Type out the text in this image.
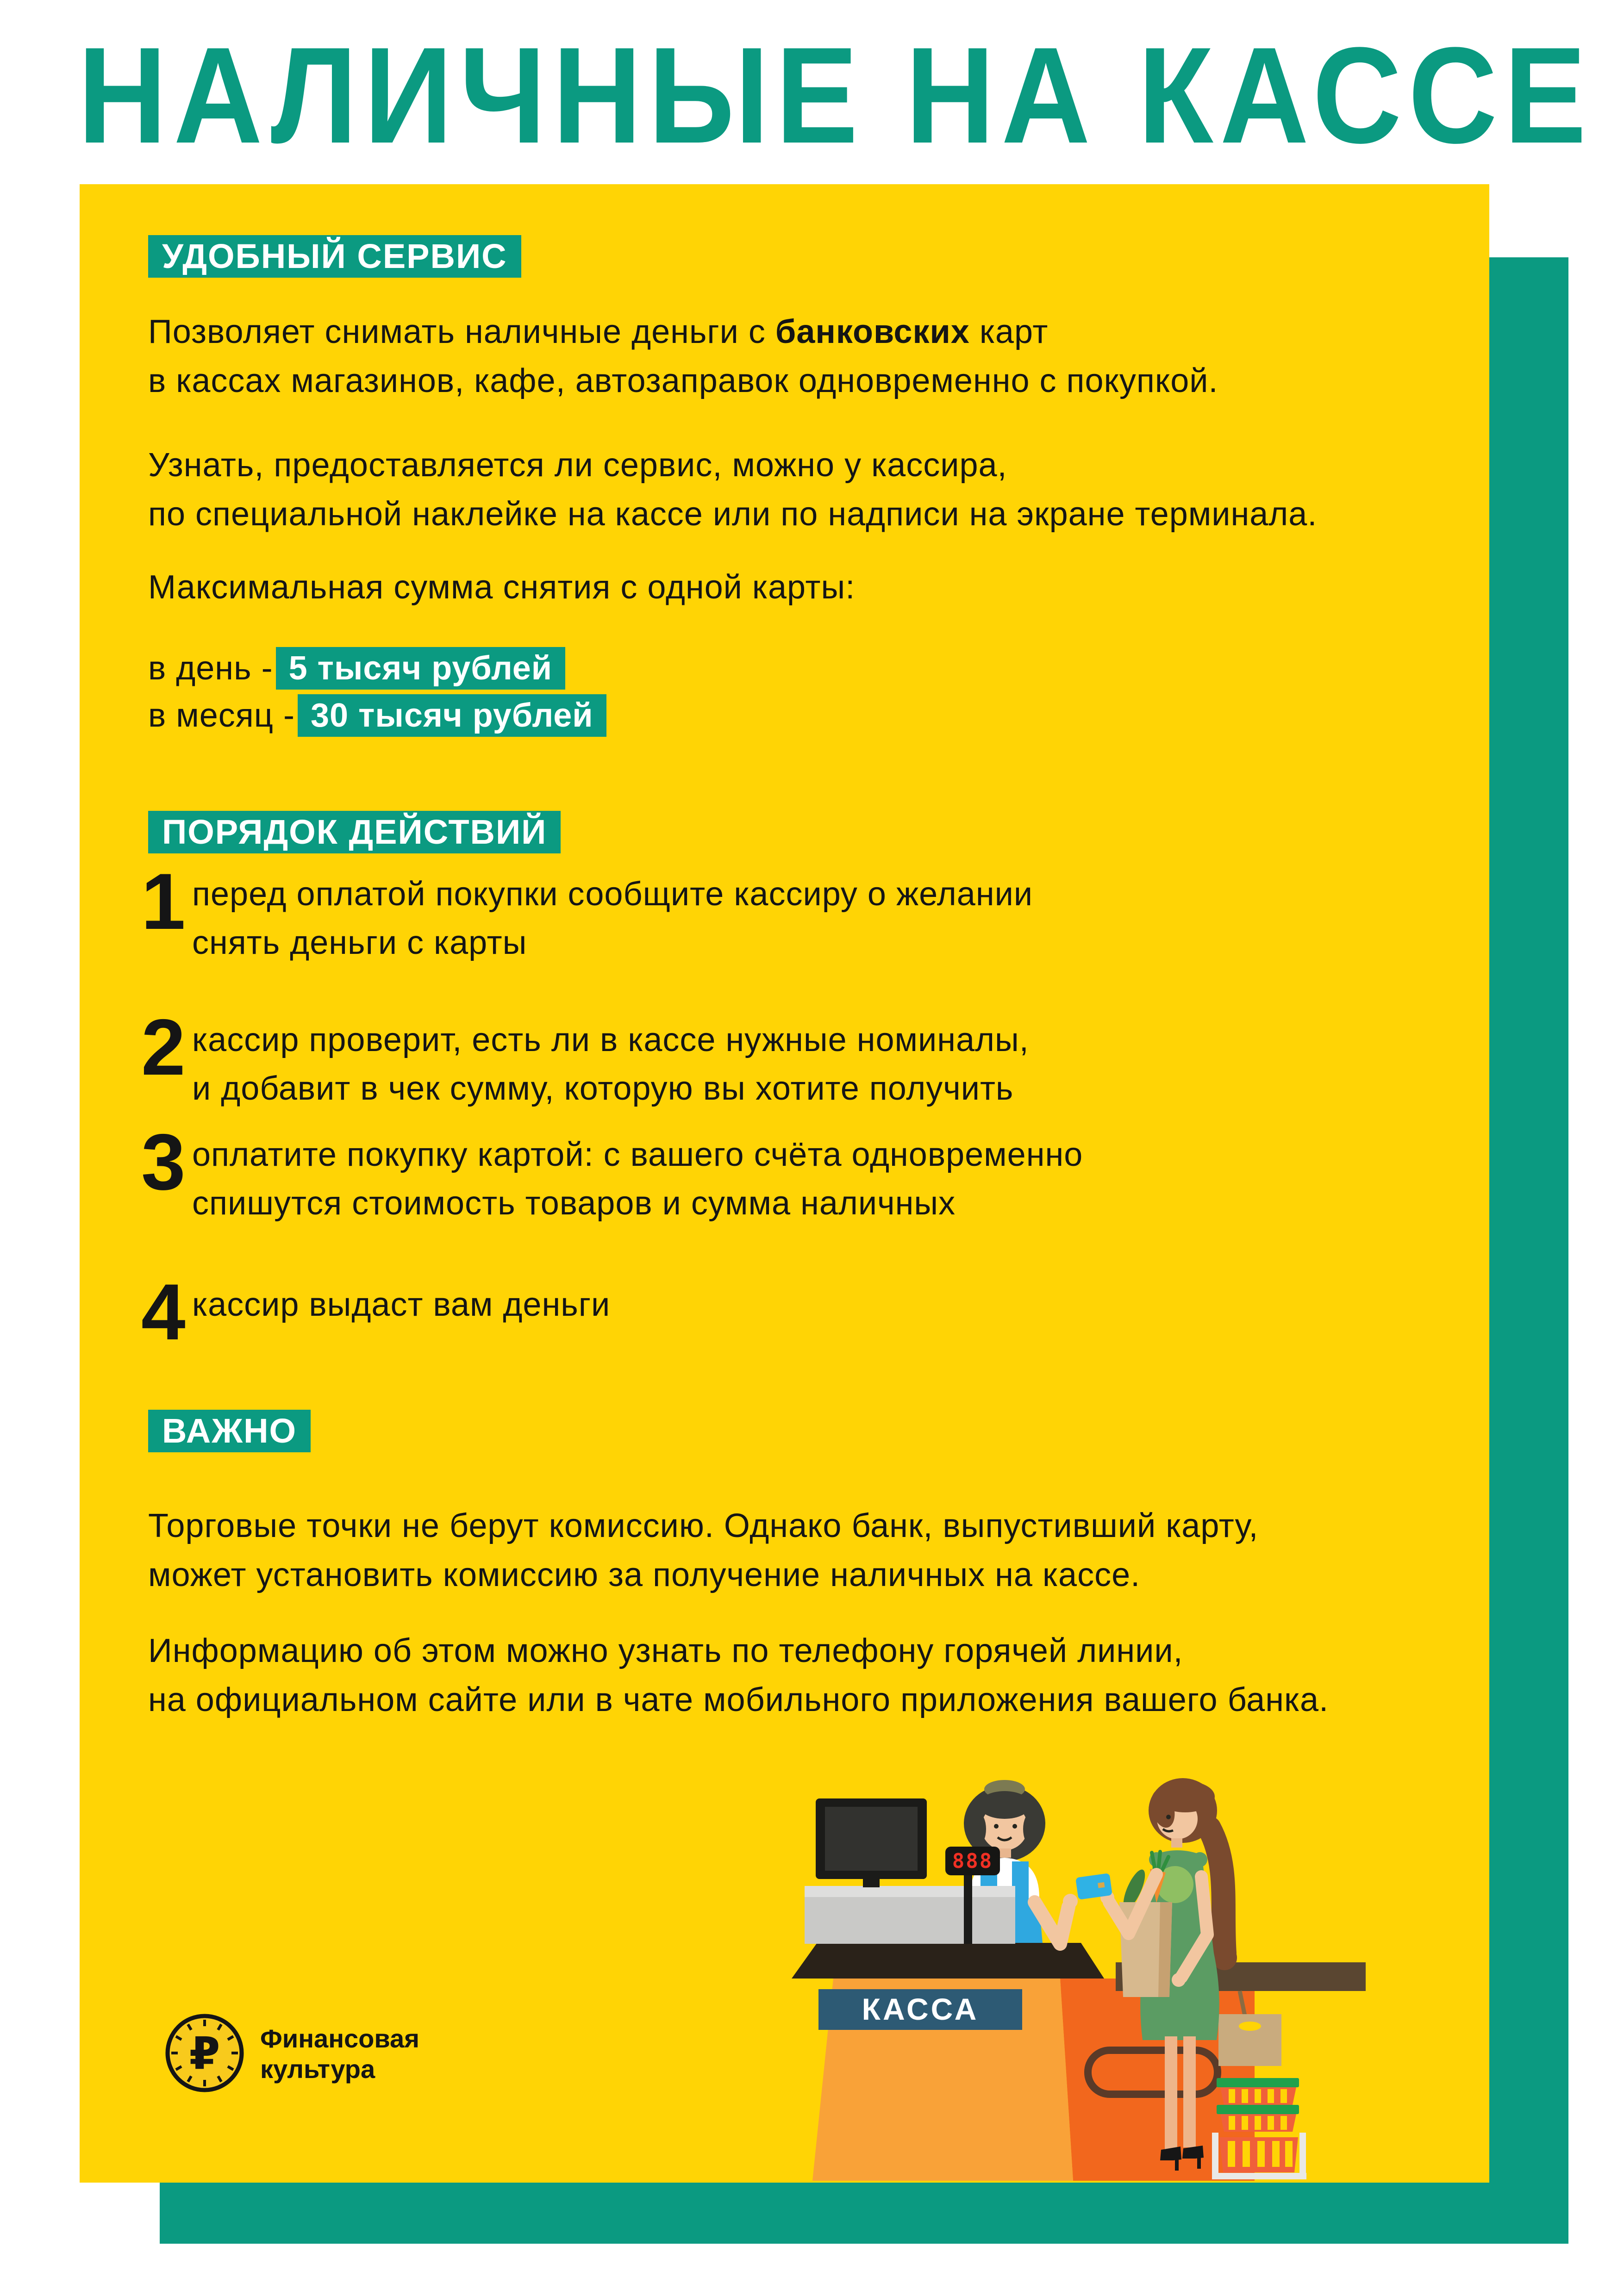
НАЛИЧНЫЕ НА КАССЕ
УДОБНЫЙ СЕРВИС
Позволяет снимать наличные деньги с банковских карт
в кассах магазинов, кафе, автозаправок одновременно с покупкой.
Узнать, предоставляется ли сервис, можно у кассира,
по специальной наклейке на кассе или по надписи на экране терминала.
Максимальная сумма снятия с одной карты:
в день - 5 тысяч рублей
в месяц - 30 тысяч рублей
ПОРЯДОК ДЕЙСТВИЙ
1 перед оплатой покупки сообщите кассиру о желании
снять деньги с карты
2 кассир проверит, есть ли в кассе нужные номиналы,
и добавит в чек сумму, которую вы хотите получить
3 оплатите покупку картой: с вашего счёта одновременно
спишутся стоимость товаров и сумма наличных
4 кассир выдаст вам деньги
ВАЖНО
Торговые точки не берут комиссию. Однако банк, выпустивший карту,
может установить комиссию за получение наличных на кассе.
Информацию об этом можно узнать по телефону горячей линии,
на официальном сайте или в чате мобильного приложения вашего банка.
₽ Финансовая
культура
888
КАССА
